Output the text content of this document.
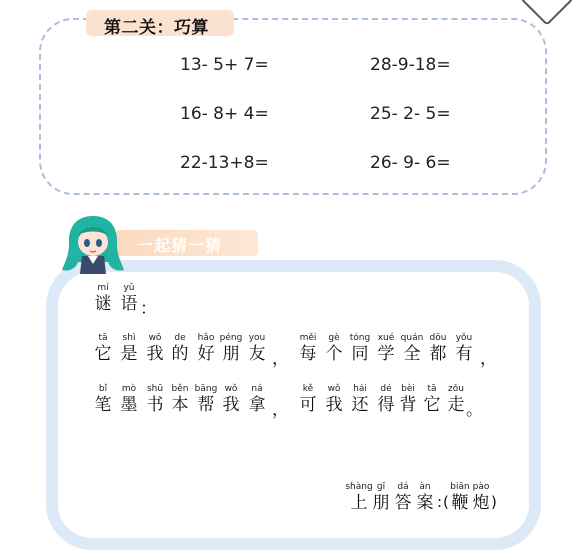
第二关：巧算
13- 5+ 7=	28-9-18=
16- 8+ 4=	25- 2- 5=
22-13+8=	26- 9- 6=
一起猜一猜
mí
谜
yǔ
语 ：
tā
它
shì
是
wǒ
我
de
的
hǎo
好
péng
朋
you
友 ，
měi
每
gè
个
tóng
同
xué
学
quán
全
dōu
都
yǒu
有 ，
bǐ
笔
mò
墨
shū
书
běn
本
bāng
帮
wǒ
我
ná
拿 ，
kě
可
wǒ
我
hái
还
dé
得
bèi
背
tā
它
zǒu
走 。
shàng
上
ɡī
朋
dá
答
àn
案 : (
biān
鞭
pào
炮 )
